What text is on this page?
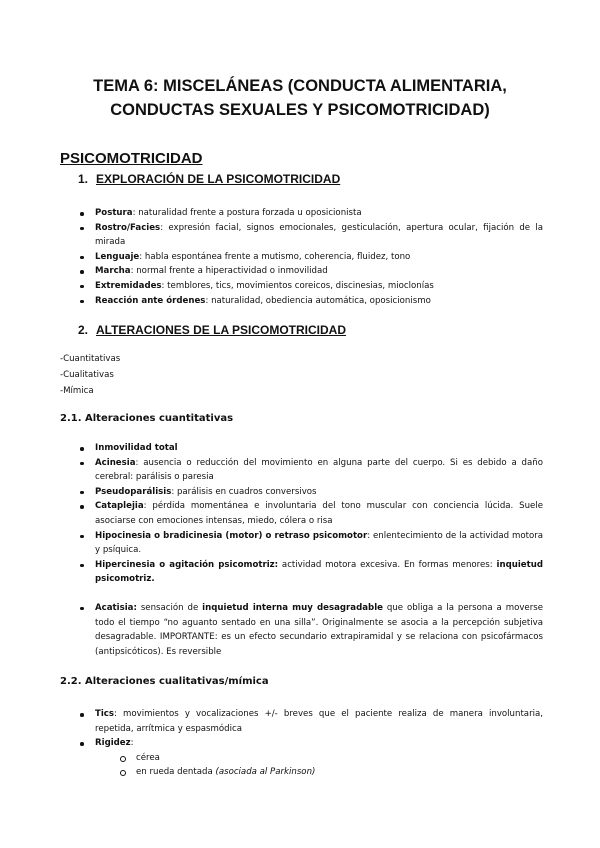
TEMA 6: MISCELÁNEAS (CONDUCTA ALIMENTARIA,
CONDUCTAS SEXUALES Y PSICOMOTRICIDAD)
PSICOMOTRICIDAD
1. EXPLORACIÓN DE LA PSICOMOTRICIDAD
Postura: naturalidad frente a postura forzada u oposicionista
Rostro/Facies: expresión facial, signos emocionales, gesticulación, apertura ocular, fijación de la mirada
Lenguaje: habla espontánea frente a mutismo, coherencia, fluidez, tono
Marcha: normal frente a hiperactividad o inmovilidad
Extremidades: temblores, tics, movimientos coreicos, discinesias, mioclonías
Reacción ante órdenes: naturalidad, obediencia automática, oposicionismo
2. ALTERACIONES DE LA PSICOMOTRICIDAD
-Cuantitativas
-Cualitativas
-Mímica
2.1. Alteraciones cuantitativas
Inmovilidad total
Acinesia: ausencia o reducción del movimiento en alguna parte del cuerpo. Si es debido a daño cerebral: parálisis o paresia
Pseudoparálisis: parálisis en cuadros conversivos
Cataplejia: pérdida momentánea e involuntaria del tono muscular con conciencia lúcida. Suele asociarse con emociones intensas, miedo, cólera o risa
Hipocinesia o bradicinesia (motor) o retraso psicomotor: enlentecimiento de la actividad motora y psíquica.
Hipercinesia o agitación psicomotriz: actividad motora excesiva. En formas menores: inquietud psicomotriz.
Acatisia: sensación de inquietud interna muy desagradable que obliga a la persona a moverse todo el tiempo “no aguanto sentado en una silla”. Originalmente se asocia a la percepción subjetiva desagradable. IMPORTANTE: es un efecto secundario extrapiramidal y se relaciona con psicofármacos (antipsicóticos). Es reversible
2.2. Alteraciones cualitativas/mímica
Tics: movimientos y vocalizaciones +/- breves que el paciente realiza de manera involuntaria, repetida, arrítmica y espasmódica
Rigidez:
cérea
en rueda dentada (asociada al Parkinson)
